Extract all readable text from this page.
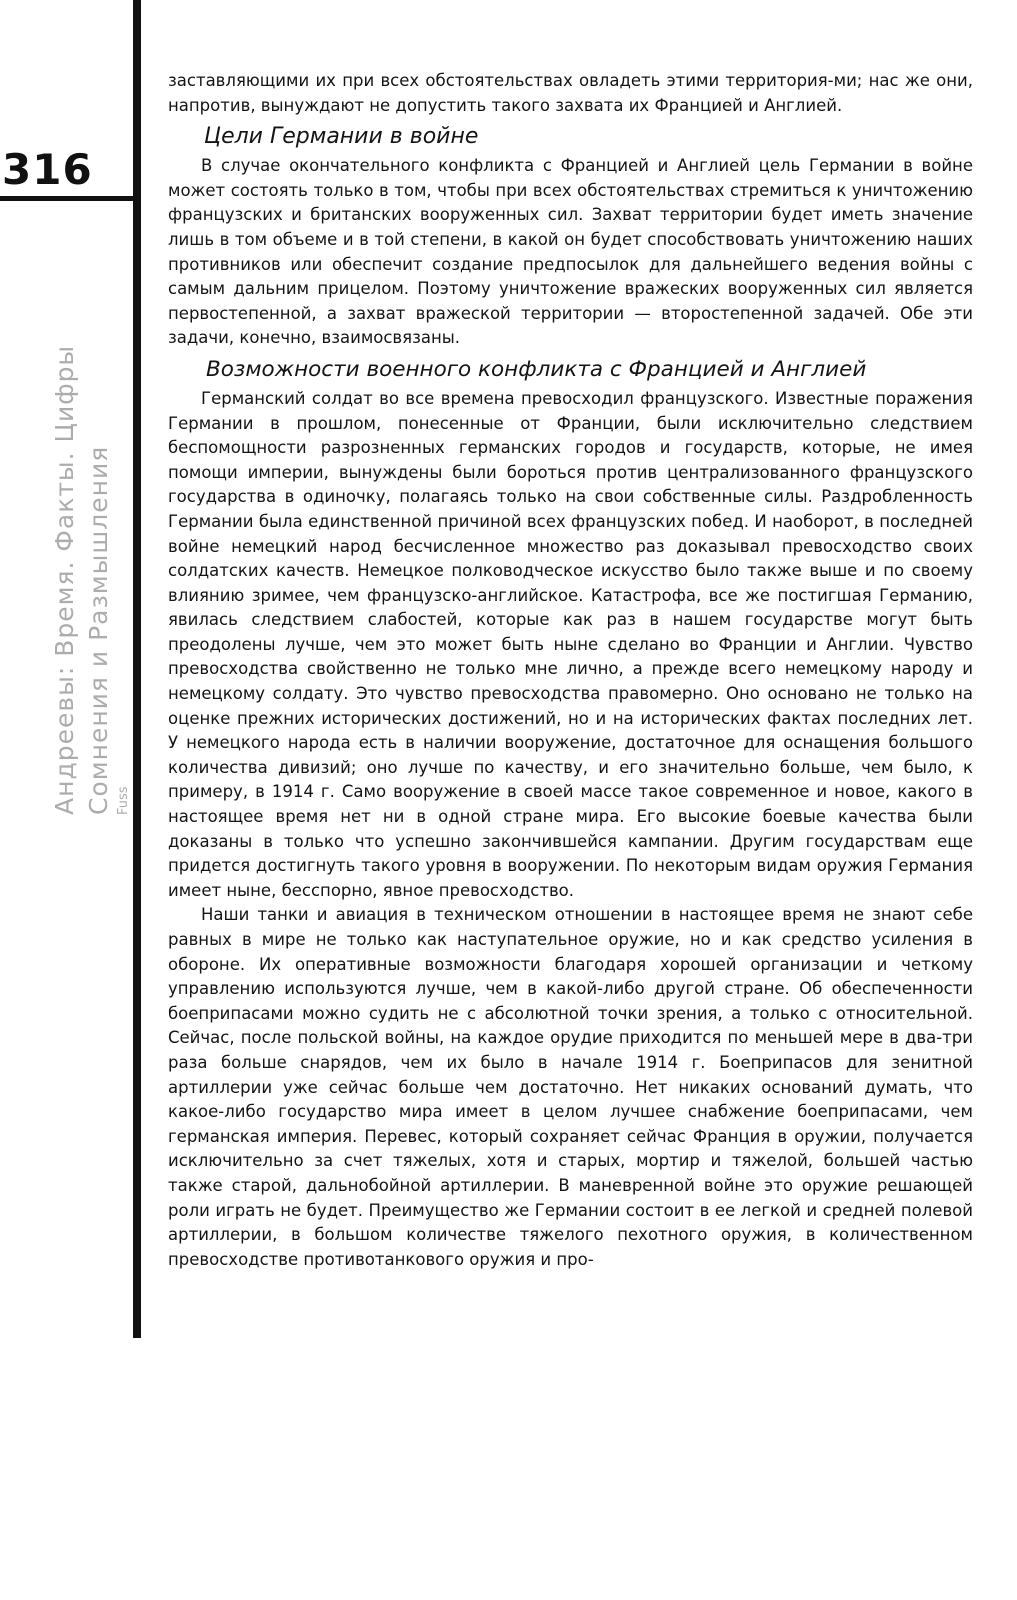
316
Андреевы: Время. Факты. Цифры Сомнения и Размышления Fuss

заставляющими их при всех обстоятельствах овладеть этими территория-ми; нас же они, напротив, вынуждают не допустить такого захвата их Францией и Англией.

Цели Германии в войне

В случае окончательного конфликта с Францией и Англией цель Германии в войне может состоять только в том, чтобы при всех обстоятельствах стремиться к уничтожению французских и британских вооруженных сил. Захват территории будет иметь значение лишь в том объеме и в той степени, в какой он будет способствовать уничтожению наших противников или обеспечит создание предпосылок для дальнейшего ведения войны с самым дальним прицелом. Поэтому уничтожение вражеских вооруженных сил является первостепенной, а захват вражеской территории — второстепенной задачей. Обе эти задачи, конечно, взаимосвязаны.

Возможности военного конфликта с Францией и Англией

Германский солдат во все времена превосходил французского. Известные поражения Германии в прошлом, понесенные от Франции, были исключительно следствием беспомощности разрозненных германских городов и государств, которые, не имея помощи империи, вынуждены были бороться против централизованного французского государства в одиночку, полагаясь только на свои собственные силы. Раздробленность Германии была единственной причиной всех французских побед. И наоборот, в последней войне немецкий народ бесчисленное множество раз доказывал превосходство своих солдатских качеств. Немецкое полководческое искусство было также выше и по своему влиянию зримее, чем французско-английское. Катастрофа, все же постигшая Германию, явилась следствием слабостей, которые как раз в нашем государстве могут быть преодолены лучше, чем это может быть ныне сделано во Франции и Англии. Чувство превосходства свойственно не только мне лично, а прежде всего немецкому народу и немецкому солдату. Это чувство превосходства правомерно. Оно основано не только на оценке прежних исторических достижений, но и на исторических фактах последних лет. У немецкого народа есть в наличии вооружение, достаточное для оснащения большого количества дивизий; оно лучше по качеству, и его значительно больше, чем было, к примеру, в 1914 г. Само вооружение в своей массе такое современное и новое, какого в настоящее время нет ни в одной стране мира. Его высокие боевые качества были доказаны в только что успешно закончившейся кампании. Другим государствам еще придется достигнуть такого уровня в вооружении. По некоторым видам оружия Германия имеет ныне, бесспорно, явное превосходство.

Наши танки и авиация в техническом отношении в настоящее время не знают себе равных в мире не только как наступательное оружие, но и как средство усиления в обороне. Их оперативные возможности благодаря хорошей организации и четкому управлению используются лучше, чем в какой-либо другой стране. Об обеспеченности боеприпасами можно судить не с абсолютной точки зрения, а только с относительной. Сейчас, после польской войны, на каждое орудие приходится по меньшей мере в два-три раза больше снарядов, чем их было в начале 1914 г. Боеприпасов для зенитной артиллерии уже сейчас больше чем достаточно. Нет никаких оснований думать, что какое-либо государство мира имеет в целом лучшее снабжение боеприпасами, чем германская империя. Перевес, который сохраняет сейчас Франция в оружии, получается исключительно за счет тяжелых, хотя и старых, мортир и тяжелой, большей частью также старой, дальнобойной артиллерии. В маневренной войне это оружие решающей роли играть не будет. Преимущество же Германии состоит в ее легкой и средней полевой артиллерии, в большом количестве тяжелого пехотного оружия, в количественном превосходстве противотанкового оружия и про-
